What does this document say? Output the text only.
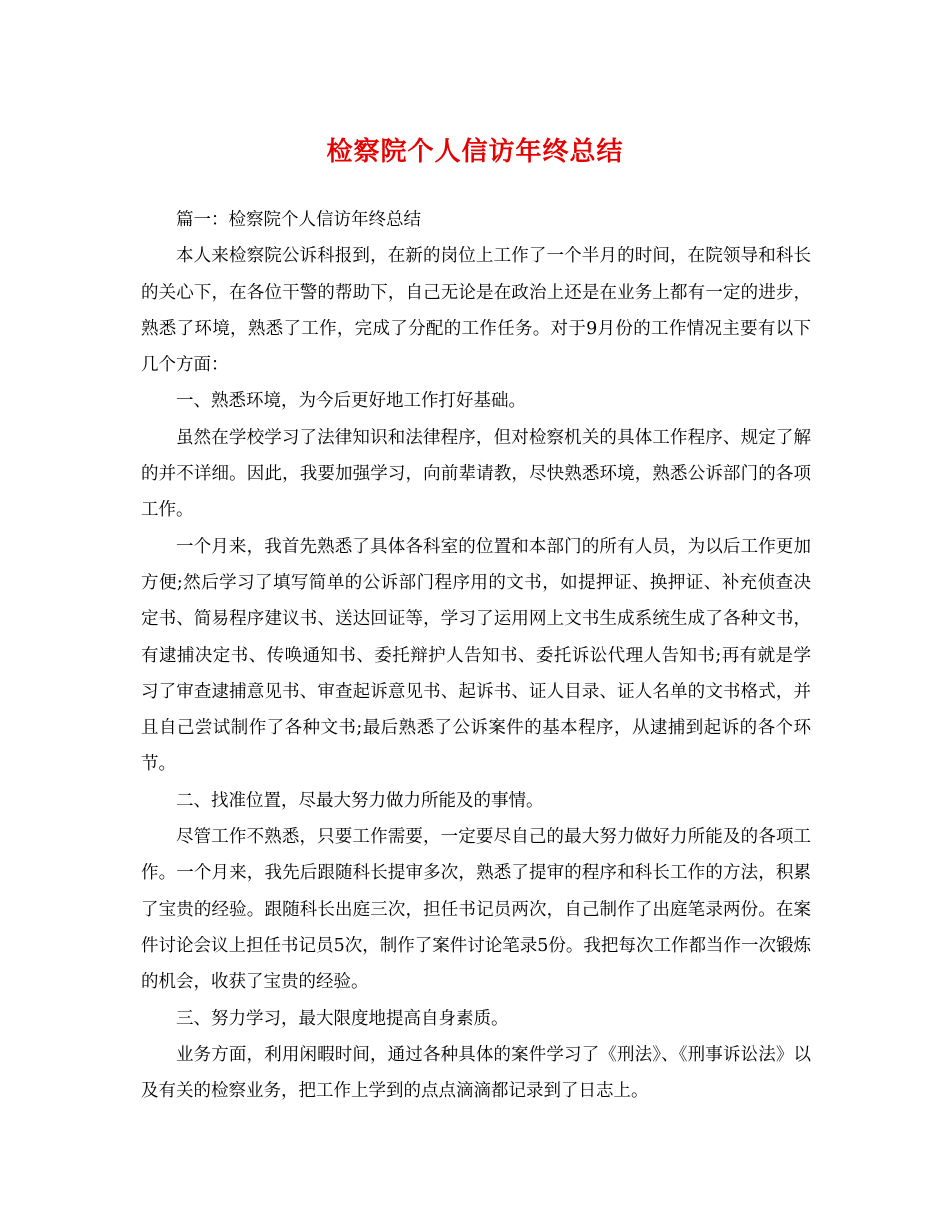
检察院个人信访年终总结

篇一：检察院个人信访年终总结

本人来检察院公诉科报到，在新的岗位上工作了一个半月的时间，在院领导和科长的关心下，在各位干警的帮助下，自己无论是在政治上还是在业务上都有一定的进步，熟悉了环境，熟悉了工作，完成了分配的工作任务。对于9月份的工作情况主要有以下几个方面：

一、熟悉环境，为今后更好地工作打好基础。

虽然在学校学习了法律知识和法律程序，但对检察机关的具体工作程序、规定了解的并不详细。因此，我要加强学习，向前辈请教，尽快熟悉环境，熟悉公诉部门的各项工作。

一个月来，我首先熟悉了具体各科室的位置和本部门的所有人员，为以后工作更加方便;然后学习了填写简单的公诉部门程序用的文书，如提押证、换押证、补充侦查决定书、简易程序建议书、送达回证等，学习了运用网上文书生成系统生成了各种文书，有逮捕决定书、传唤通知书、委托辩护人告知书、委托诉讼代理人告知书;再有就是学习了审查逮捕意见书、审查起诉意见书、起诉书、证人目录、证人名单的文书格式，并且自己尝试制作了各种文书;最后熟悉了公诉案件的基本程序，从逮捕到起诉的各个环节。

二、找准位置，尽最大努力做力所能及的事情。

尽管工作不熟悉，只要工作需要，一定要尽自己的最大努力做好力所能及的各项工作。一个月来，我先后跟随科长提审多次，熟悉了提审的程序和科长工作的方法，积累了宝贵的经验。跟随科长出庭三次，担任书记员两次，自己制作了出庭笔录两份。在案件讨论会议上担任书记员5次，制作了案件讨论笔录5份。我把每次工作都当作一次锻炼的机会，收获了宝贵的经验。

三、努力学习，最大限度地提高自身素质。

业务方面，利用闲暇时间，通过各种具体的案件学习了《刑法》、《刑事诉讼法》以及有关的检察业务，把工作上学到的点点滴滴都记录到了日志上。
